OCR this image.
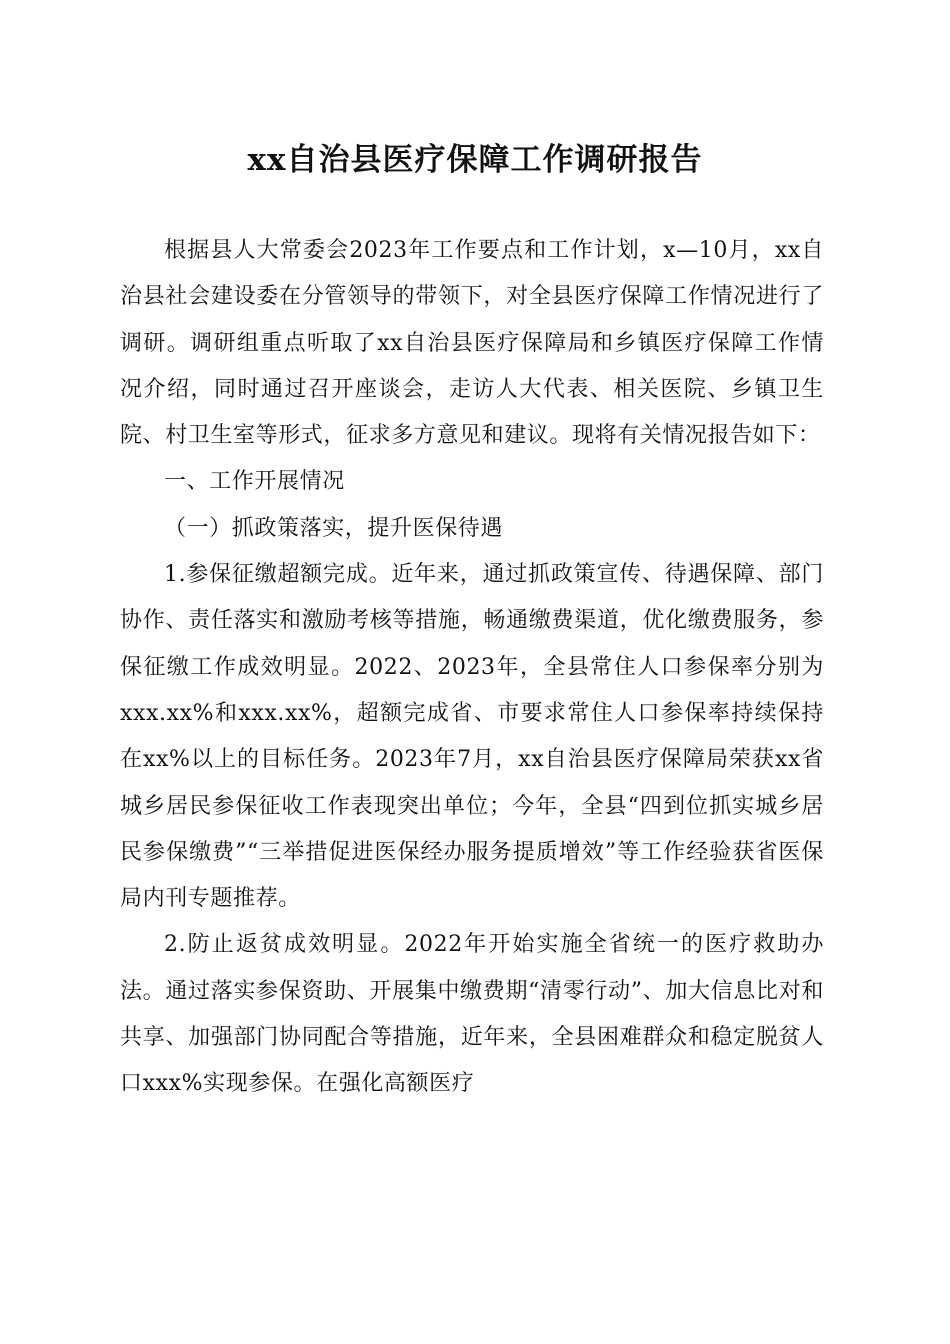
xx自治县医疗保障工作调研报告

根据县人大常委会2023年工作要点和工作计划，x—10月，xx自治县社会建设委在分管领导的带领下，对全县医疗保障工作情况进行了调研。调研组重点听取了xx自治县医疗保障局和乡镇医疗保障工作情况介绍，同时通过召开座谈会，走访人大代表、相关医院、乡镇卫生院、村卫生室等形式，征求多方意见和建议。现将有关情况报告如下：

一、工作开展情况

（一）抓政策落实，提升医保待遇

1.参保征缴超额完成。近年来，通过抓政策宣传、待遇保障、部门协作、责任落实和激励考核等措施，畅通缴费渠道，优化缴费服务，参保征缴工作成效明显。2022、2023年，全县常住人口参保率分别为xxx.xx%和xxx.xx%，超额完成省、市要求常住人口参保率持续保持在xx%以上的目标任务。2023年7月，xx自治县医疗保障局荣获xx省城乡居民参保征收工作表现突出单位；今年，全县“四到位抓实城乡居民参保缴费”“三举措促进医保经办服务提质增效”等工作经验获省医保局内刊专题推荐。

2.防止返贫成效明显。2022年开始实施全省统一的医疗救助办法。通过落实参保资助、开展集中缴费期“清零行动”、加大信息比对和共享、加强部门协同配合等措施，近年来，全县困难群众和稳定脱贫人口xxx%实现参保。在强化高额医疗
